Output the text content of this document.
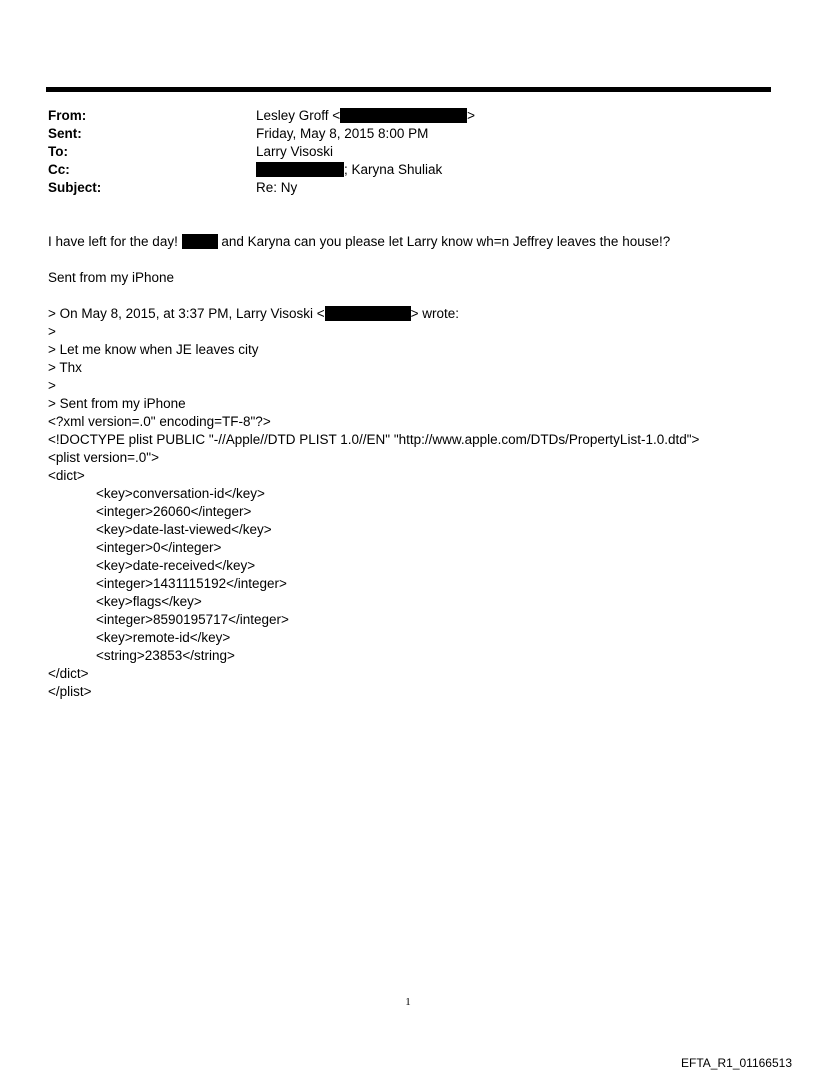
From:	Lesley Groff <	>
Sent:	Friday, May 8, 2015 8:00 PM
To:	Larry Visoski
Cc:	; Karyna Shuliak
Subject:	Re: Ny
I have left for the day!	and Karyna can you please let Larry know wh=n Jeffrey leaves the house!?
Sent from my iPhone
> On May 8, 2015, at 3:37 PM, Larry Visoski <	> wrote:
>
> Let me know when JE leaves city
> Thx
>
> Sent from my iPhone
<?xml version=.0" encoding=TF-8"?>
<!DOCTYPE plist PUBLIC "-//Apple//DTD PLIST 1.0//EN" "http://www.apple.com/DTDs/PropertyList-1.0.dtd">
<plist version=.0">
<dict>
<key>conversation-id</key>
<integer>26060</integer>
<key>date-last-viewed</key>
<integer>0</integer>
<key>date-received</key>
<integer>1431115192</integer>
<key>flags</key>
<integer>8590195717</integer>
<key>remote-id</key>
<string>23853</string>
</dict>
</plist>
1
EFTA_R1_01166513
